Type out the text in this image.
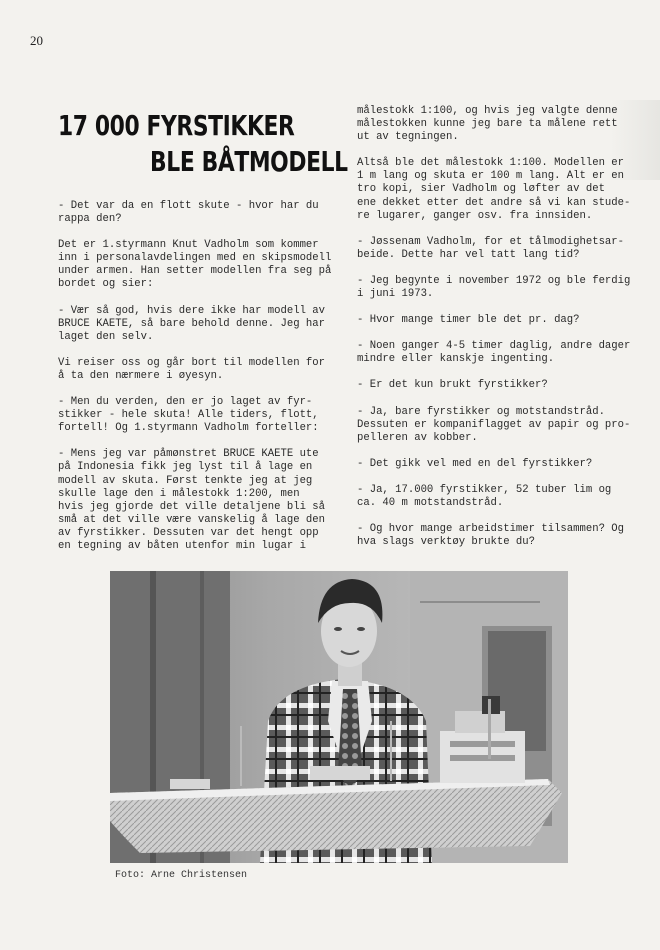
20
17 000 FYRSTIKKER
BLE BÅTMODELL

- Det var da en flott skute - hvor har du
rappa den?

Det er 1.styrmann Knut Vadholm som kommer
inn i personalavdelingen med en skipsmodell
under armen. Han setter modellen fra seg på
bordet og sier:

- Vær så god, hvis dere ikke har modell av
BRUCE KAETE, så bare behold denne. Jeg har
laget den selv.

Vi reiser oss og går bort til modellen for
å ta den nærmere i øyesyn.

- Men du verden, den er jo laget av fyr-
stikker - hele skuta! Alle tiders, flott,
fortell! Og 1.styrmann Vadholm forteller:

- Mens jeg var påmønstret BRUCE KAETE ute
på Indonesia fikk jeg lyst til å lage en
modell av skuta. Først tenkte jeg at jeg
skulle lage den i målestokk 1:200, men
hvis jeg gjorde det ville detaljene bli så
små at det ville være vanskelig å lage den
av fyrstikker. Dessuten var det hengt opp
en tegning av båten utenfor min lugar i

målestokk 1:100, og hvis jeg valgte denne
målestokken kunne jeg bare ta målene rett
ut av tegningen.

Altså ble det målestokk 1:100. Modellen er
1 m lang og skuta er 100 m lang. Alt er en
tro kopi, sier Vadholm og løfter av det
ene dekket etter det andre så vi kan stude-
re lugarer, ganger osv. fra innsiden.

- Jøssenam Vadholm, for et tålmodighetsar-
beide. Dette har vel tatt lang tid?

- Jeg begynte i november 1972 og ble ferdig
i juni 1973.

- Hvor mange timer ble det pr. dag?

- Noen ganger 4-5 timer daglig, andre dager
mindre eller kanskje ingenting.

- Er det kun brukt fyrstikker?

- Ja, bare fyrstikker og motstandstråd.
Dessuten er kompaniflagget av papir og pro-
pelleren av kobber.

- Det gikk vel med en del fyrstikker?

- Ja, 17.000 fyrstikker, 52 tuber lim og
ca. 40 m motstandstråd.

- Og hvor mange arbeidstimer tilsammen? Og
hva slags verktøy brukte du?

Foto: Arne Christensen
